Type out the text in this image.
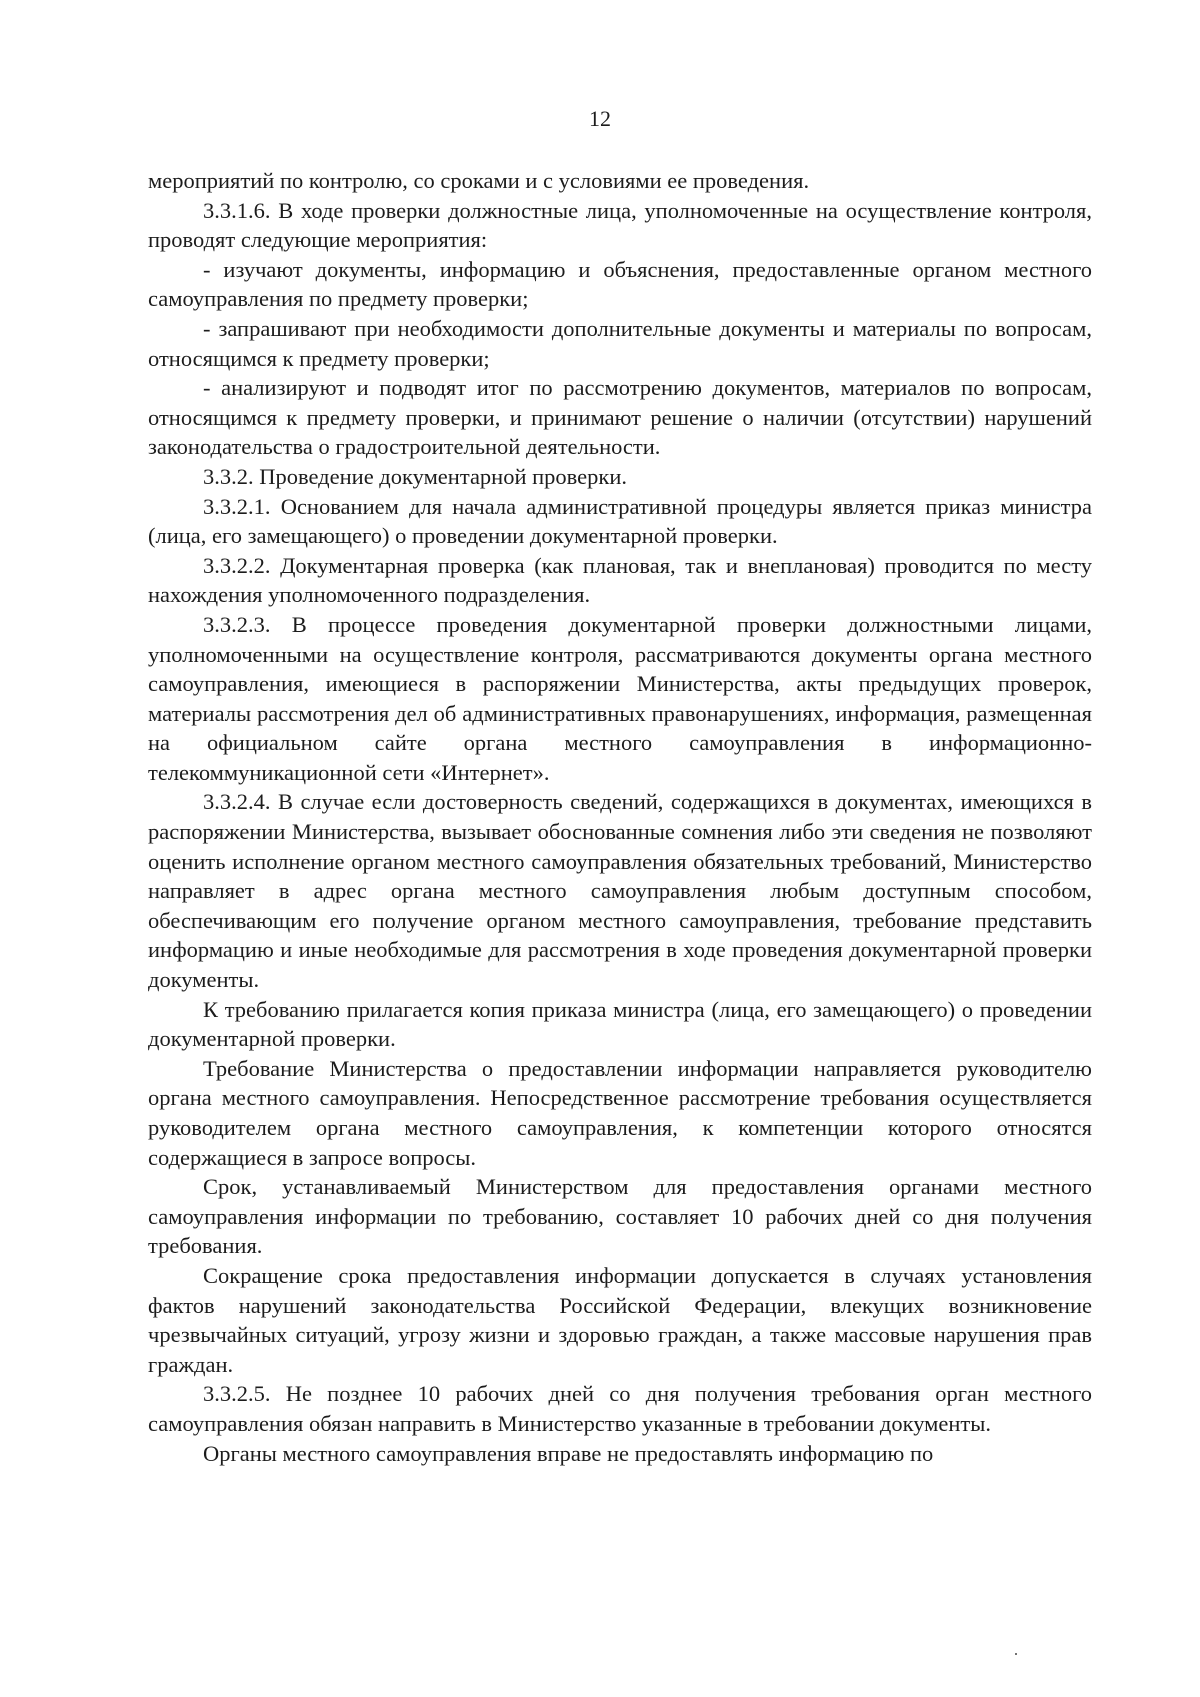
12

мероприятий по контролю, со сроками и с условиями ее проведения.

3.3.1.6. В ходе проверки должностные лица, уполномоченные на осуществление контроля, проводят следующие мероприятия:

- изучают документы, информацию и объяснения, предоставленные органом местного самоуправления по предмету проверки;

- запрашивают при необходимости дополнительные документы и материалы по вопросам, относящимся к предмету проверки;

- анализируют и подводят итог по рассмотрению документов, материалов по вопросам, относящимся к предмету проверки, и принимают решение о наличии (отсутствии) нарушений законодательства о градостроительной деятельности.

3.3.2. Проведение документарной проверки.

3.3.2.1. Основанием для начала административной процедуры является приказ министра (лица, его замещающего) о проведении документарной проверки.

3.3.2.2. Документарная проверка (как плановая, так и внеплановая) проводится по месту нахождения уполномоченного подразделения.

3.3.2.3. В процессе проведения документарной проверки должностными лицами, уполномоченными на осуществление контроля, рассматриваются документы органа местного самоуправления, имеющиеся в распоряжении Министерства, акты предыдущих проверок, материалы рассмотрения дел об административных правонарушениях, информация, размещенная на официальном сайте органа местного самоуправления в информационно-телекоммуникационной сети «Интернет».

3.3.2.4. В случае если достоверность сведений, содержащихся в документах, имеющихся в распоряжении Министерства, вызывает обоснованные сомнения либо эти сведения не позволяют оценить исполнение органом местного самоуправления обязательных требований, Министерство направляет в адрес органа местного самоуправления любым доступным способом, обеспечивающим его получение органом местного самоуправления, требование представить информацию и иные необходимые для рассмотрения в ходе проведения документарной проверки документы.

К требованию прилагается копия приказа министра (лица, его замещающего) о проведении документарной проверки.

Требование Министерства о предоставлении информации направляется руководителю органа местного самоуправления. Непосредственное рассмотрение требования осуществляется руководителем органа местного самоуправления, к компетенции которого относятся содержащиеся в запросе вопросы.

Срок, устанавливаемый Министерством для предоставления органами местного самоуправления информации по требованию, составляет 10 рабочих дней со дня получения требования.

Сокращение срока предоставления информации допускается в случаях установления фактов нарушений законодательства Российской Федерации, влекущих возникновение чрезвычайных ситуаций, угрозу жизни и здоровью граждан, а также массовые нарушения прав граждан.

3.3.2.5. Не позднее 10 рабочих дней со дня получения требования орган местного самоуправления обязан направить в Министерство указанные в требовании документы.

Органы местного самоуправления вправе не предоставлять информацию по
